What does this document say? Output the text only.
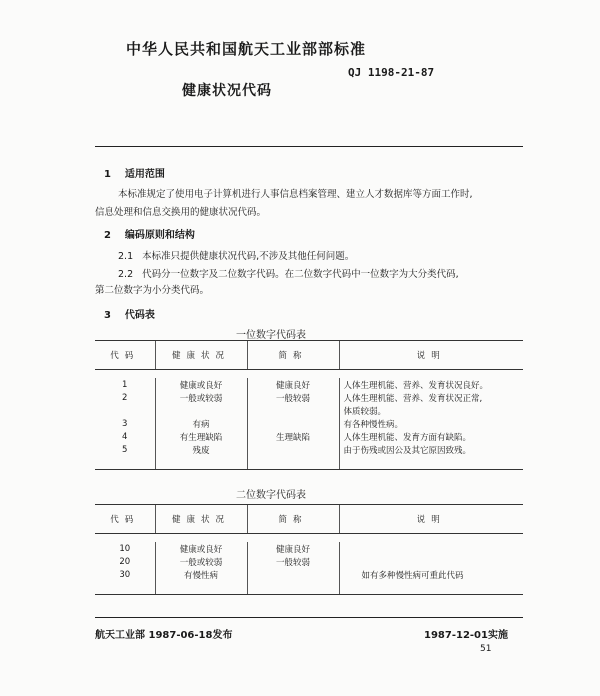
中华人民共和国航天工业部部标准
QJ 1198-21-87
健康状况代码
1 适用范围
本标准规定了使用电子计算机进行人事信息档案管理、建立人才数据库等方面工作时,
信息处理和信息交换用的健康状况代码。
2 编码原则和结构
2.1 本标准只提供健康状况代码,不涉及其他任何问题。
2.2 代码分一位数字及二位数字代码。在二位数字代码中一位数字为大分类代码,
第二位数字为小分类代码。
3 代码表
一位数字代码表
代码	健康状况	简称	说明

1	健康或良好	健康良好	人体生理机能、营养、发育状况良好。
2	一般或较弱	一般较弱	人体生理机能、营养、发育状况正常,
			体质较弱。
3	有病		有各种慢性病。
4	有生理缺陷	生理缺陷	人体生理机能、发育方面有缺陷。
5	残废		由于伤残或因公及其它原因致残。

二位数字代码表
代码	健康状况	简称	说明

10	健康或良好	健康良好	
20	一般或较弱	一般较弱	
30	有慢性病		如有多种慢性病可重此代码

航天工业部 1987-06-18发布	1987-12-01实施
51
